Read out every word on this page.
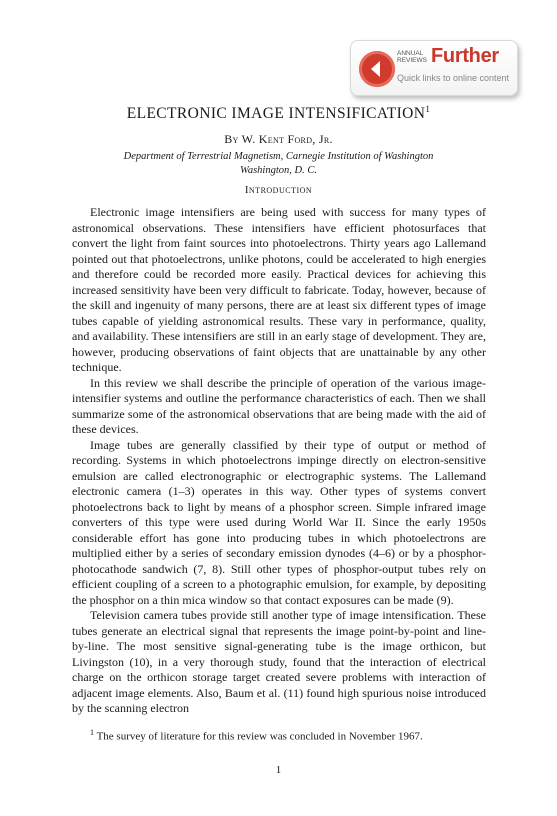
ANNUAL
REVIEWS Further
Quick links to online content
ELECTRONIC IMAGE INTENSIFICATION$^1$
By W. Kent Ford, Jr.
Department of Terrestrial Magnetism, Carnegie Institution of Washington
Washington, D. C.
Introduction

Electronic image intensifiers are being used with success for many types of astronomical observations. These intensifiers have efficient photosurfaces that convert the light from faint sources into photoelectrons. Thirty years ago Lallemand pointed out that photoelectrons, unlike photons, could be accelerated to high energies and therefore could be recorded more easily. Practical devices for achieving this increased sensitivity have been very difficult to fabricate. Today, however, because of the skill and ingenuity of many persons, there are at least six different types of image tubes capable of yielding astronomical results. These vary in performance, quality, and availability. These intensifiers are still in an early stage of development. They are, however, producing observations of faint objects that are unattainable by any other technique.

In this review we shall describe the principle of operation of the various image-intensifier systems and outline the performance characteristics of each. Then we shall summarize some of the astronomical observations that are being made with the aid of these devices.

Image tubes are generally classified by their type of output or method of recording. Systems in which photoelectrons impinge directly on electron-sensitive emulsion are called electronographic or electrographic systems. The Lallemand electronic camera (1–3) operates in this way. Other types of systems convert photoelectrons back to light by means of a phosphor screen. Simple infrared image converters of this type were used during World War II. Since the early 1950s considerable effort has gone into producing tubes in which photoelectrons are multiplied either by a series of secondary emission dynodes (4–6) or by a phosphor-photocathode sandwich (7, 8). Still other types of phosphor-output tubes rely on efficient coupling of a screen to a photographic emulsion, for example, by depositing the phosphor on a thin mica window so that contact exposures can be made (9).

Television camera tubes provide still another type of image intensification. These tubes generate an electrical signal that represents the image point-by-point and line-by-line. The most sensitive signal-generating tube is the image orthicon, but Livingston (10), in a very thorough study, found that the interaction of electrical charge on the orthicon storage target created severe problems with interaction of adjacent image elements. Also, Baum et al. (11) found high spurious noise introduced by the scanning electron

$^1$ The survey of literature for this review was concluded in November 1967.
1
